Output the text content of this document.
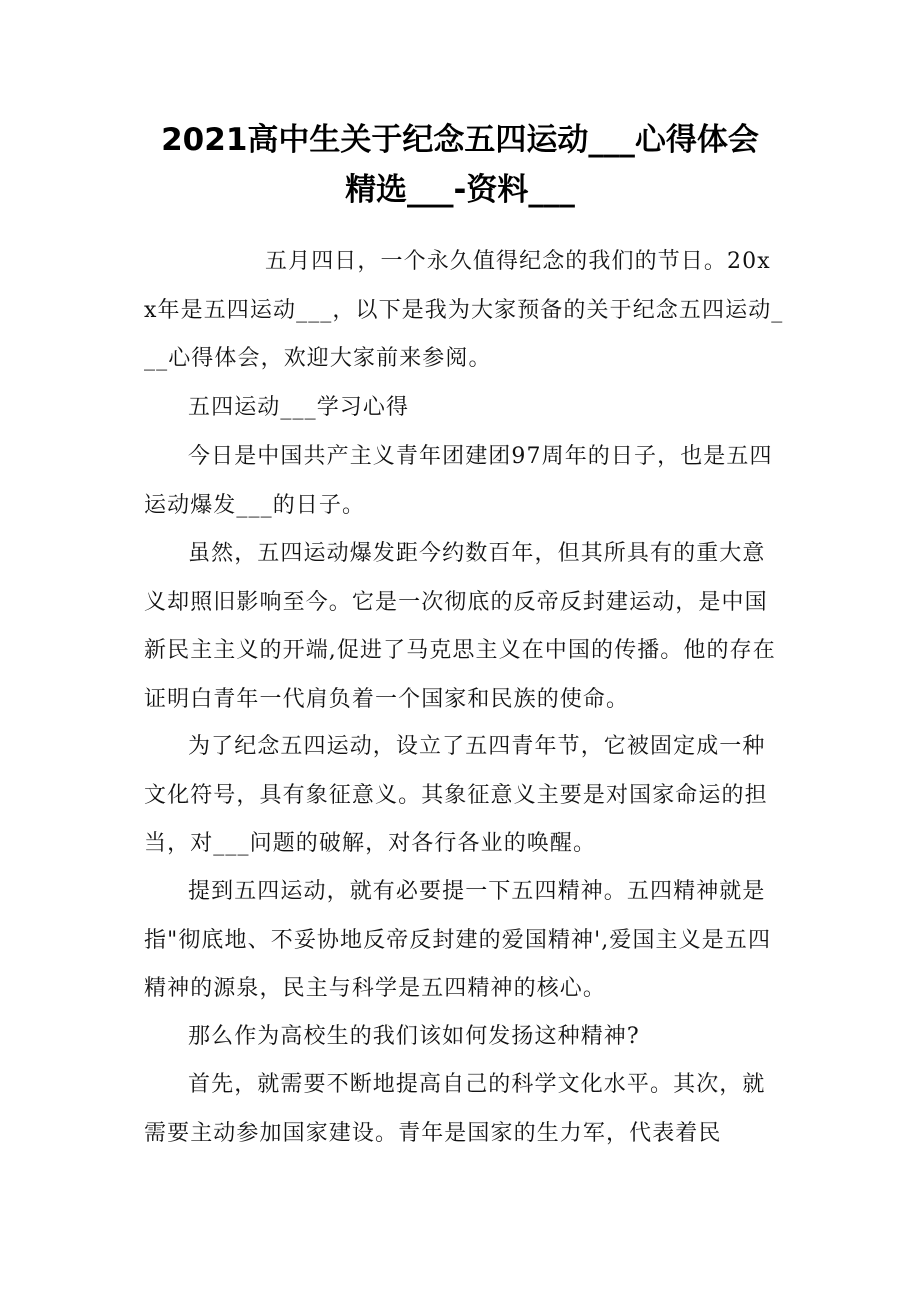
2021高中生关于纪念五四运动___心得体会
精选___-资料___

五月四日，一个永久值得纪念的我们的节日。20xx年是五四运动___，以下是我为大家预备的关于纪念五四运动___心得体会，欢迎大家前来参阅。

五四运动___学习心得

今日是中国共产主义青年团建团97周年的日子，也是五四运动爆发___的日子。

虽然，五四运动爆发距今约数百年，但其所具有的重大意义却照旧影响至今。它是一次彻底的反帝反封建运动，是中国新民主主义的开端,促进了马克思主义在中国的传播。他的存在证明白青年一代肩负着一个国家和民族的使命。

为了纪念五四运动，设立了五四青年节，它被固定成一种文化符号，具有象征意义。其象征意义主要是对国家命运的担当，对___问题的破解，对各行各业的唤醒。

提到五四运动，就有必要提一下五四精神。五四精神就是指"彻底地、不妥协地反帝反封建的爱国精神',爱国主义是五四精神的源泉，民主与科学是五四精神的核心。

那么作为高校生的我们该如何发扬这种精神?

首先，就需要不断地提高自己的科学文化水平。其次，就需要主动参加国家建设。青年是国家的生力军，代表着民
